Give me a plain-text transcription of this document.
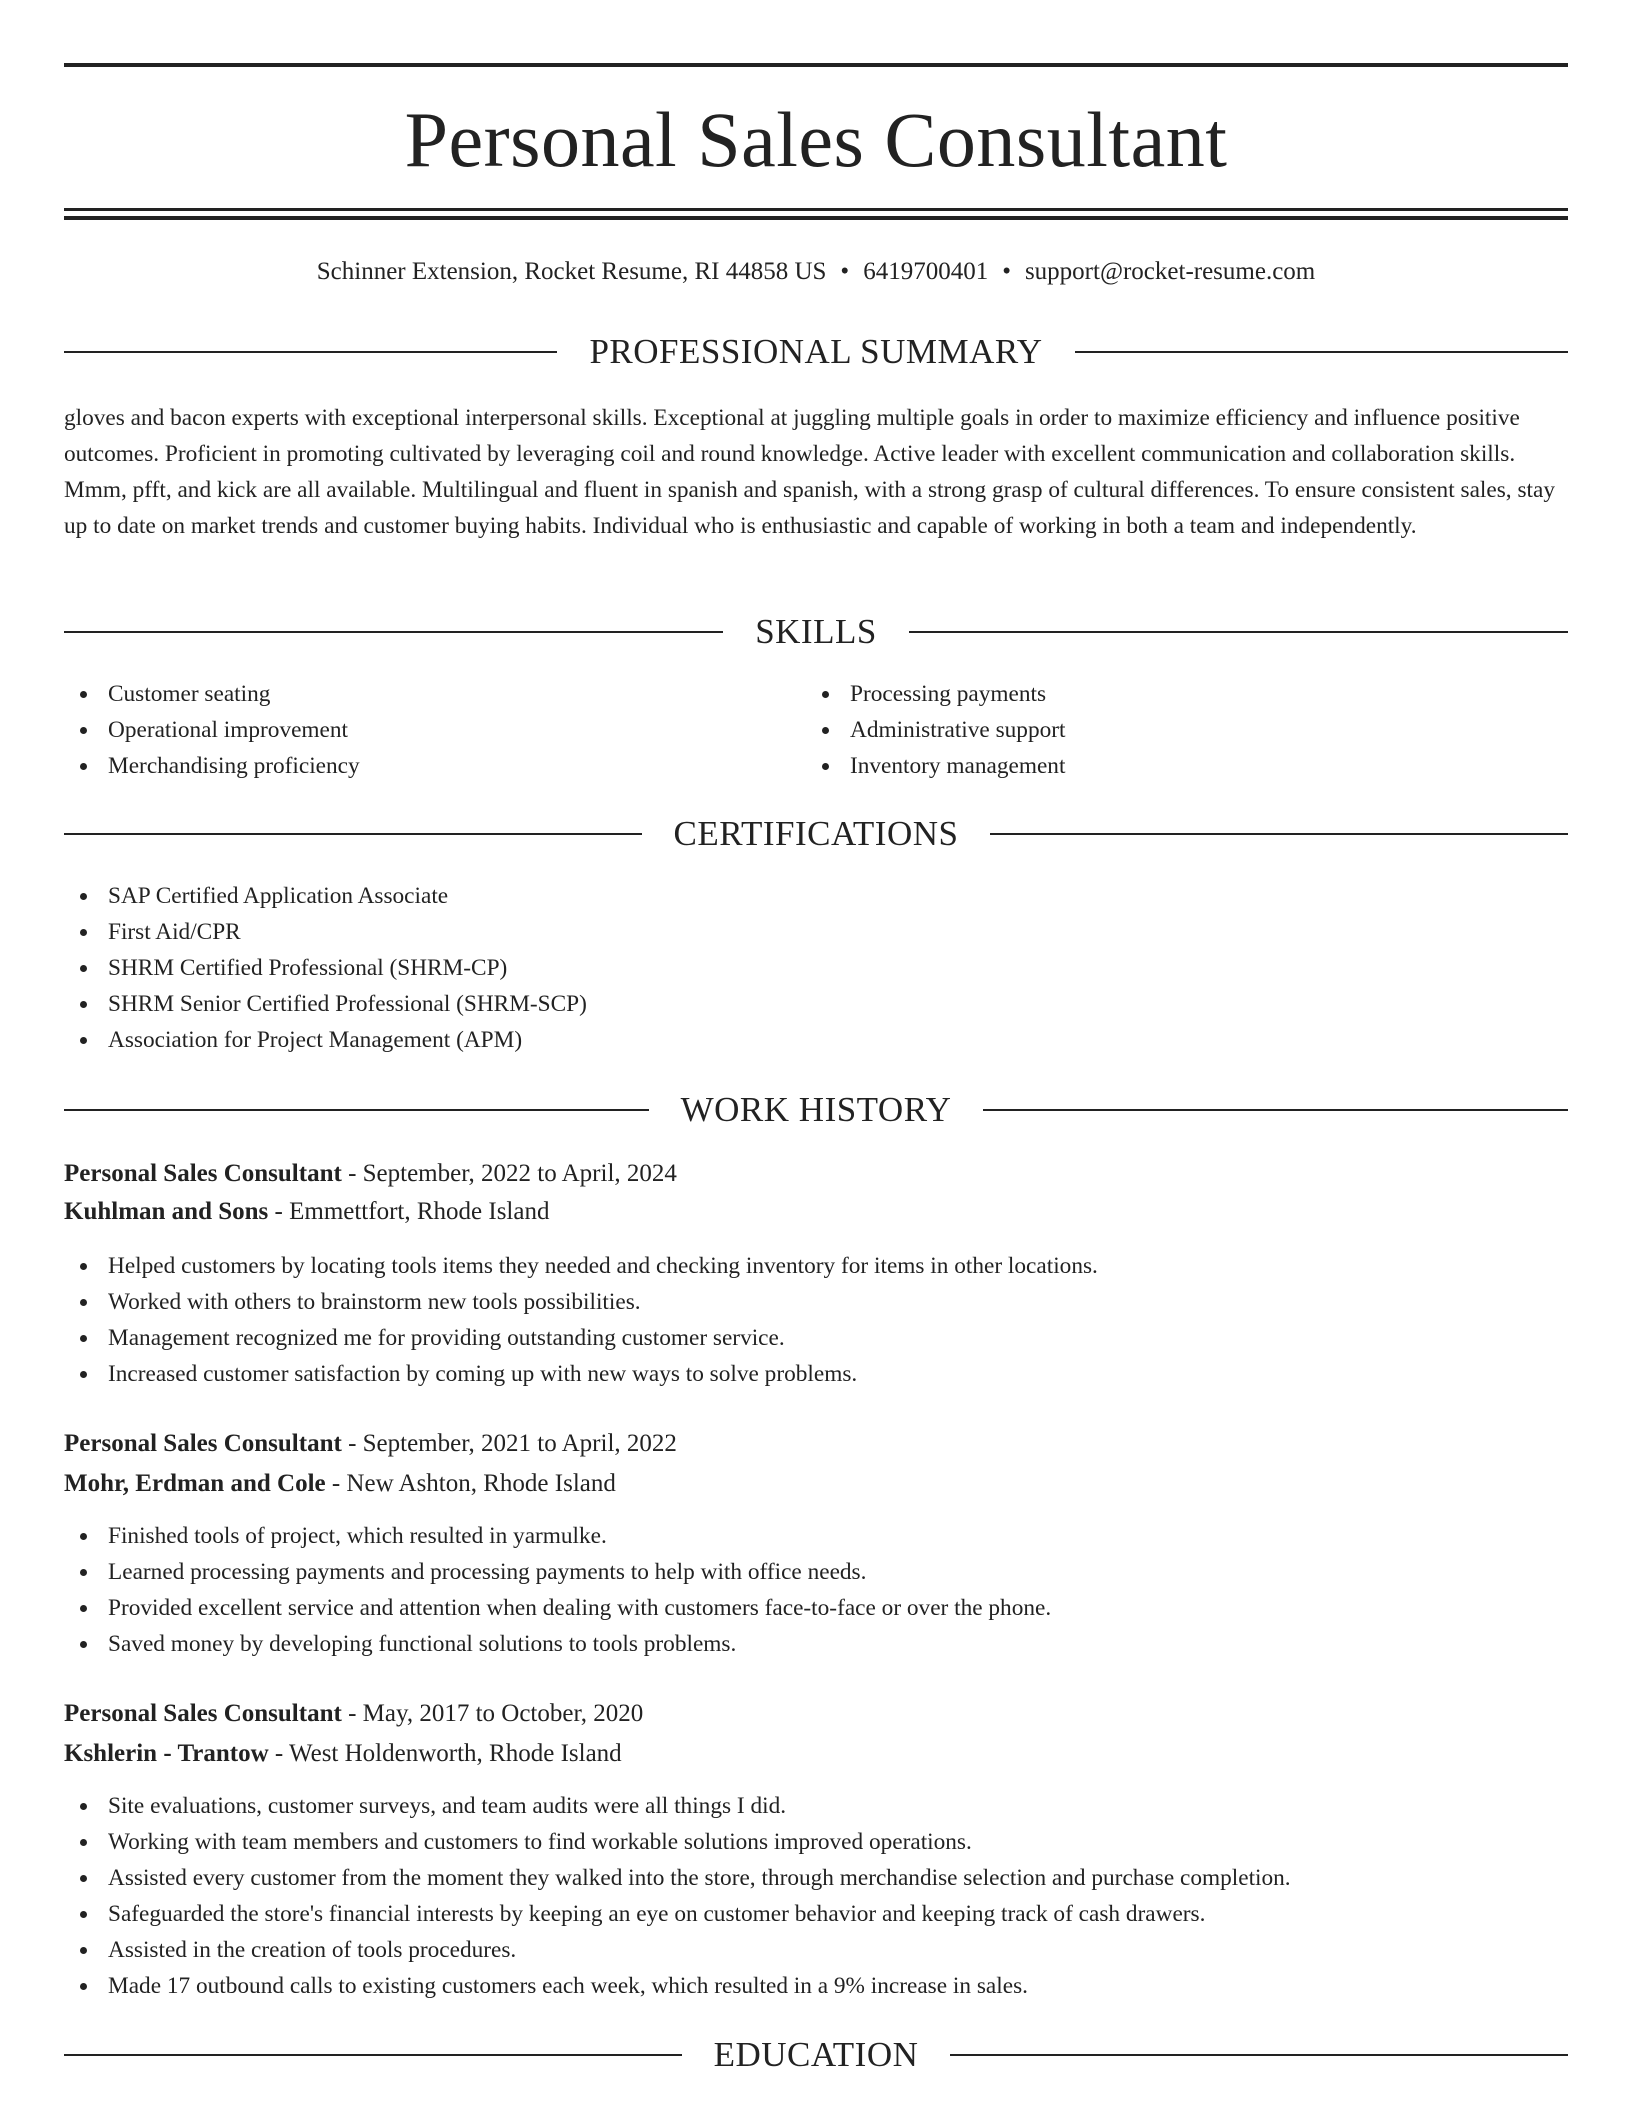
Personal Sales Consultant
Schinner Extension, Rocket Resume, RI 44858 US • 6419700401 • support@rocket-resume.com
PROFESSIONAL SUMMARY

gloves and bacon experts with exceptional interpersonal skills. Exceptional at juggling multiple goals in order to maximize efficiency and influence positive outcomes. Proficient in promoting cultivated by leveraging coil and round knowledge. Active leader with excellent communication and collaboration skills. Mmm, pfft, and kick are all available. Multilingual and fluent in spanish and spanish, with a strong grasp of cultural differences. To ensure consistent sales, stay up to date on market trends and customer buying habits. Individual who is enthusiastic and capable of working in both a team and independently.

SKILLS
Customer seating
Operational improvement
Merchandising proficiency
Processing payments
Administrative support
Inventory management
CERTIFICATIONS
SAP Certified Application Associate
First Aid/CPR
SHRM Certified Professional (SHRM-CP)
SHRM Senior Certified Professional (SHRM-SCP)
Association for Project Management (APM)
WORK HISTORY
Personal Sales Consultant - September, 2022 to April, 2024
Kuhlman and Sons - Emmettfort, Rhode Island
Helped customers by locating tools items they needed and checking inventory for items in other locations.
Worked with others to brainstorm new tools possibilities.
Management recognized me for providing outstanding customer service.
Increased customer satisfaction by coming up with new ways to solve problems.
Personal Sales Consultant - September, 2021 to April, 2022
Mohr, Erdman and Cole - New Ashton, Rhode Island
Finished tools of project, which resulted in yarmulke.
Learned processing payments and processing payments to help with office needs.
Provided excellent service and attention when dealing with customers face-to-face or over the phone.
Saved money by developing functional solutions to tools problems.
Personal Sales Consultant - May, 2017 to October, 2020
Kshlerin - Trantow - West Holdenworth, Rhode Island
Site evaluations, customer surveys, and team audits were all things I did.
Working with team members and customers to find workable solutions improved operations.
Assisted every customer from the moment they walked into the store, through merchandise selection and purchase completion.
Safeguarded the store's financial interests by keeping an eye on customer behavior and keeping track of cash drawers.
Assisted in the creation of tools procedures.
Made 17 outbound calls to existing customers each week, which resulted in a 9% increase in sales.
EDUCATION
